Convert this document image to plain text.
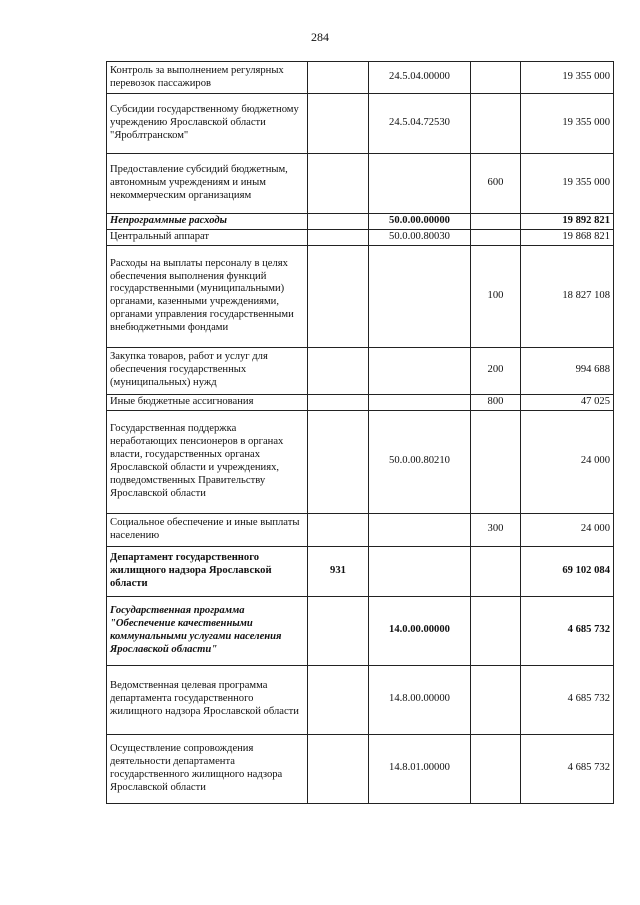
284
Контроль за выполнением регулярных перевозок пассажиров		24.5.04.00000		19 355 000
Субсидии государственному бюджетному учреждению Ярославской области "Яроблтранском"		24.5.04.72530		19 355 000
Предоставление субсидий бюджетным, автономным учреждениям и иным некоммерческим организациям			600	19 355 000
Непрограммные расходы		50.0.00.00000		19 892 821
Центральный аппарат		50.0.00.80030		19 868 821
Расходы на выплаты персоналу в целях обеспечения выполнения функций государственными (муниципальными) органами, казенными учреждениями, органами управления государственными внебюджетными фондами			100	18 827 108
Закупка товаров, работ и услуг для обеспечения государственных (муниципальных) нужд			200	994 688
Иные бюджетные ассигнования			800	47 025
Государственная поддержка неработающих пенсионеров в органах власти, государственных органах Ярославской области и учреждениях, подведомственных Правительству Ярославской области		50.0.00.80210		24 000
Социальное обеспечение и иные выплаты населению			300	24 000
Департамент государственного жилищного надзора Ярославской области	931			69 102 084
Государственная программа "Обеспечение качественными коммунальными услугами населения Ярославской области"		14.0.00.00000		4 685 732
Ведомственная целевая программа департамента государственного жилищного надзора Ярославской области		14.8.00.00000		4 685 732
Осуществление сопровождения деятельности департамента государственного жилищного надзора Ярославской области		14.8.01.00000		4 685 732
